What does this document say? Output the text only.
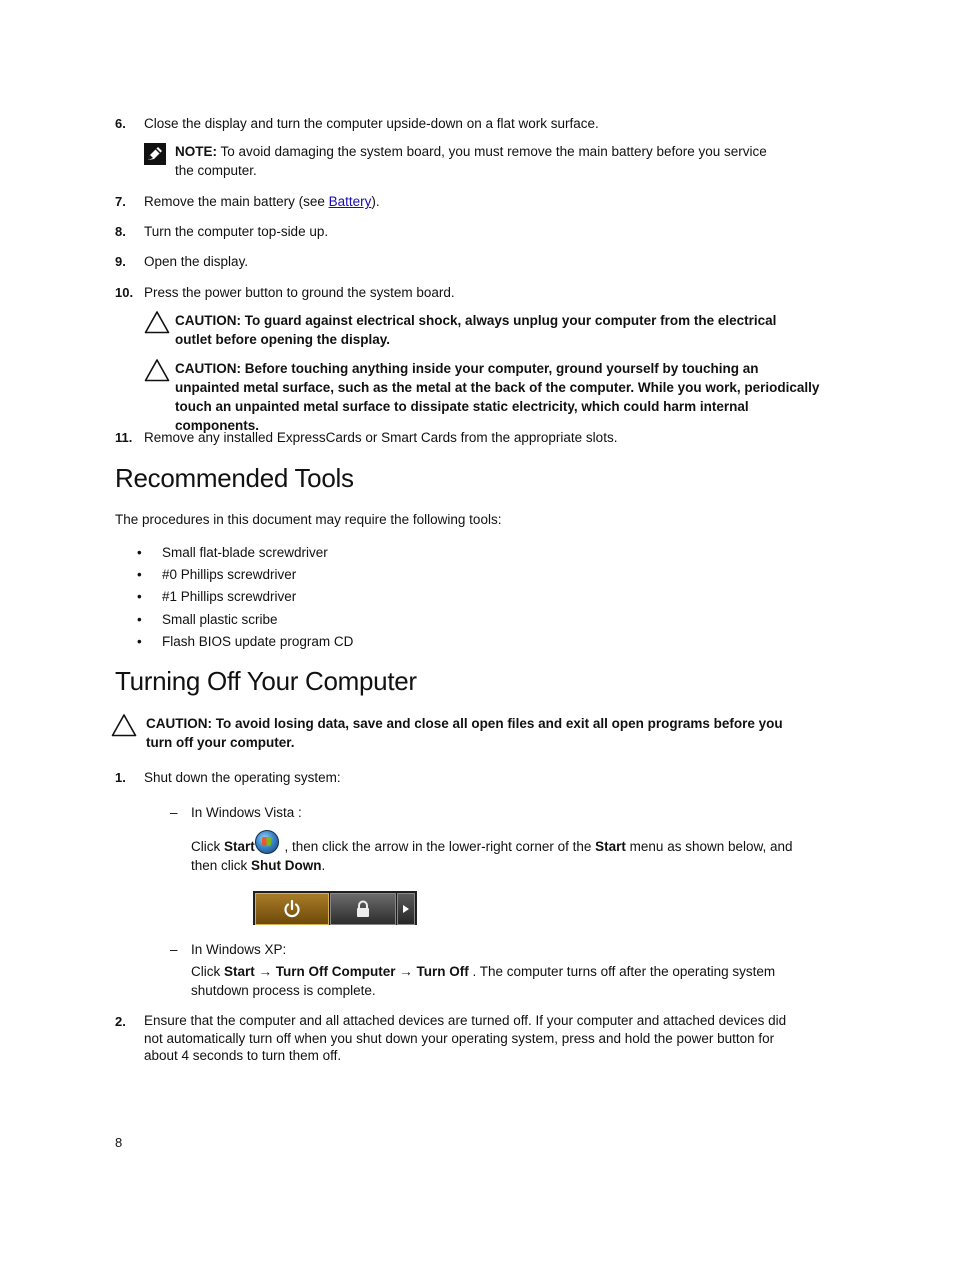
6. Close the display and turn the computer upside-down on a flat work surface.
NOTE: To avoid damaging the system board, you must remove the main battery before you service the computer.
7. Remove the main battery (see Battery).
8. Turn the computer top-side up.
9. Open the display.
10. Press the power button to ground the system board.
CAUTION: To guard against electrical shock, always unplug your computer from the electrical outlet before opening the display.
CAUTION: Before touching anything inside your computer, ground yourself by touching an unpainted metal surface, such as the metal at the back of the computer. While you work, periodically touch an unpainted metal surface to dissipate static electricity, which could harm internal components.
11. Remove any installed ExpressCards or Smart Cards from the appropriate slots.
Recommended Tools
The procedures in this document may require the following tools:
• Small flat-blade screwdriver
• #0 Phillips screwdriver
• #1 Phillips screwdriver
• Small plastic scribe
• Flash BIOS update program CD
Turning Off Your Computer
CAUTION: To avoid losing data, save and close all open files and exit all open programs before you turn off your computer.
1. Shut down the operating system:
– In Windows Vista :
Click Start , then click the arrow in the lower-right corner of the Start menu as shown below, and then click Shut Down.
– In Windows XP:
Click Start → Turn Off Computer → Turn Off . The computer turns off after the operating system shutdown process is complete.
2. Ensure that the computer and all attached devices are turned off. If your computer and attached devices did not automatically turn off when you shut down your operating system, press and hold the power button for about 4 seconds to turn them off.
8
